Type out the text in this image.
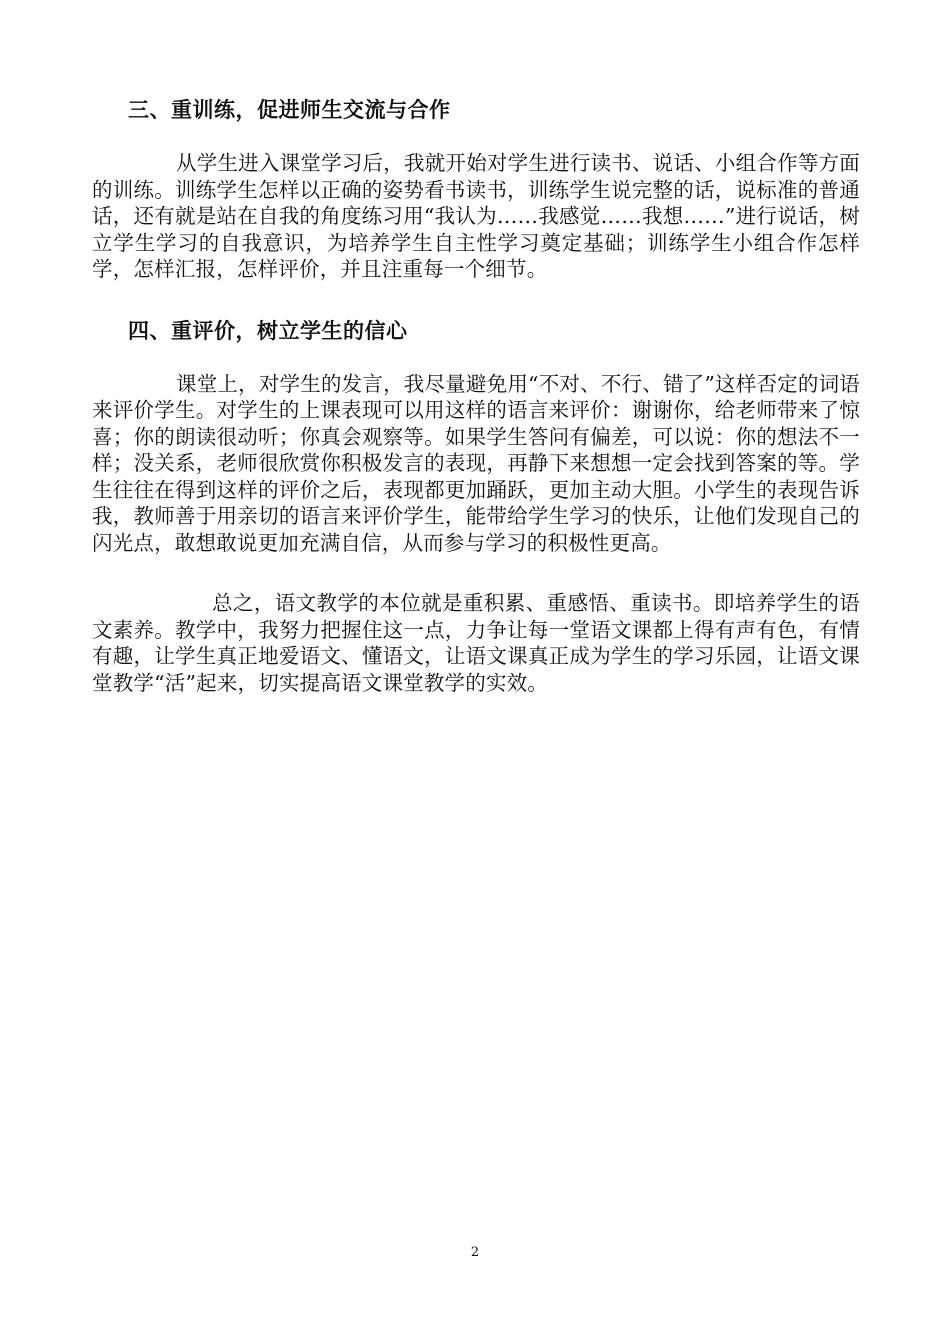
三、重训练，促进师生交流与合作

从学生进入课堂学习后，我就开始对学生进行读书、说话、小组合作等方面的训练。训练学生怎样以正确的姿势看书读书，训练学生说完整的话，说标准的普通话，还有就是站在自我的角度练习用“我认为……我感觉……我想……”进行说话，树立学生学习的自我意识，为培养学生自主性学习奠定基础；训练学生小组合作怎样学，怎样汇报，怎样评价，并且注重每一个细节。

四、重评价，树立学生的信心

课堂上，对学生的发言，我尽量避免用“不对、不行、错了”这样否定的词语来评价学生。对学生的上课表现可以用这样的语言来评价：谢谢你，给老师带来了惊喜；你的朗读很动听；你真会观察等。如果学生答问有偏差，可以说：你的想法不一样；没关系，老师很欣赏你积极发言的表现，再静下来想想一定会找到答案的等。学生往往在得到这样的评价之后，表现都更加踊跃，更加主动大胆。小学生的表现告诉我，教师善于用亲切的语言来评价学生，能带给学生学习的快乐，让他们发现自己的闪光点，敢想敢说更加充满自信，从而参与学习的积极性更高。

总之，语文教学的本位就是重积累、重感悟、重读书。即培养学生的语文素养。教学中，我努力把握住这一点，力争让每一堂语文课都上得有声有色，有情有趣，让学生真正地爱语文、懂语文，让语文课真正成为学生的学习乐园，让语文课堂教学“活”起来，切实提高语文课堂教学的实效。

2
